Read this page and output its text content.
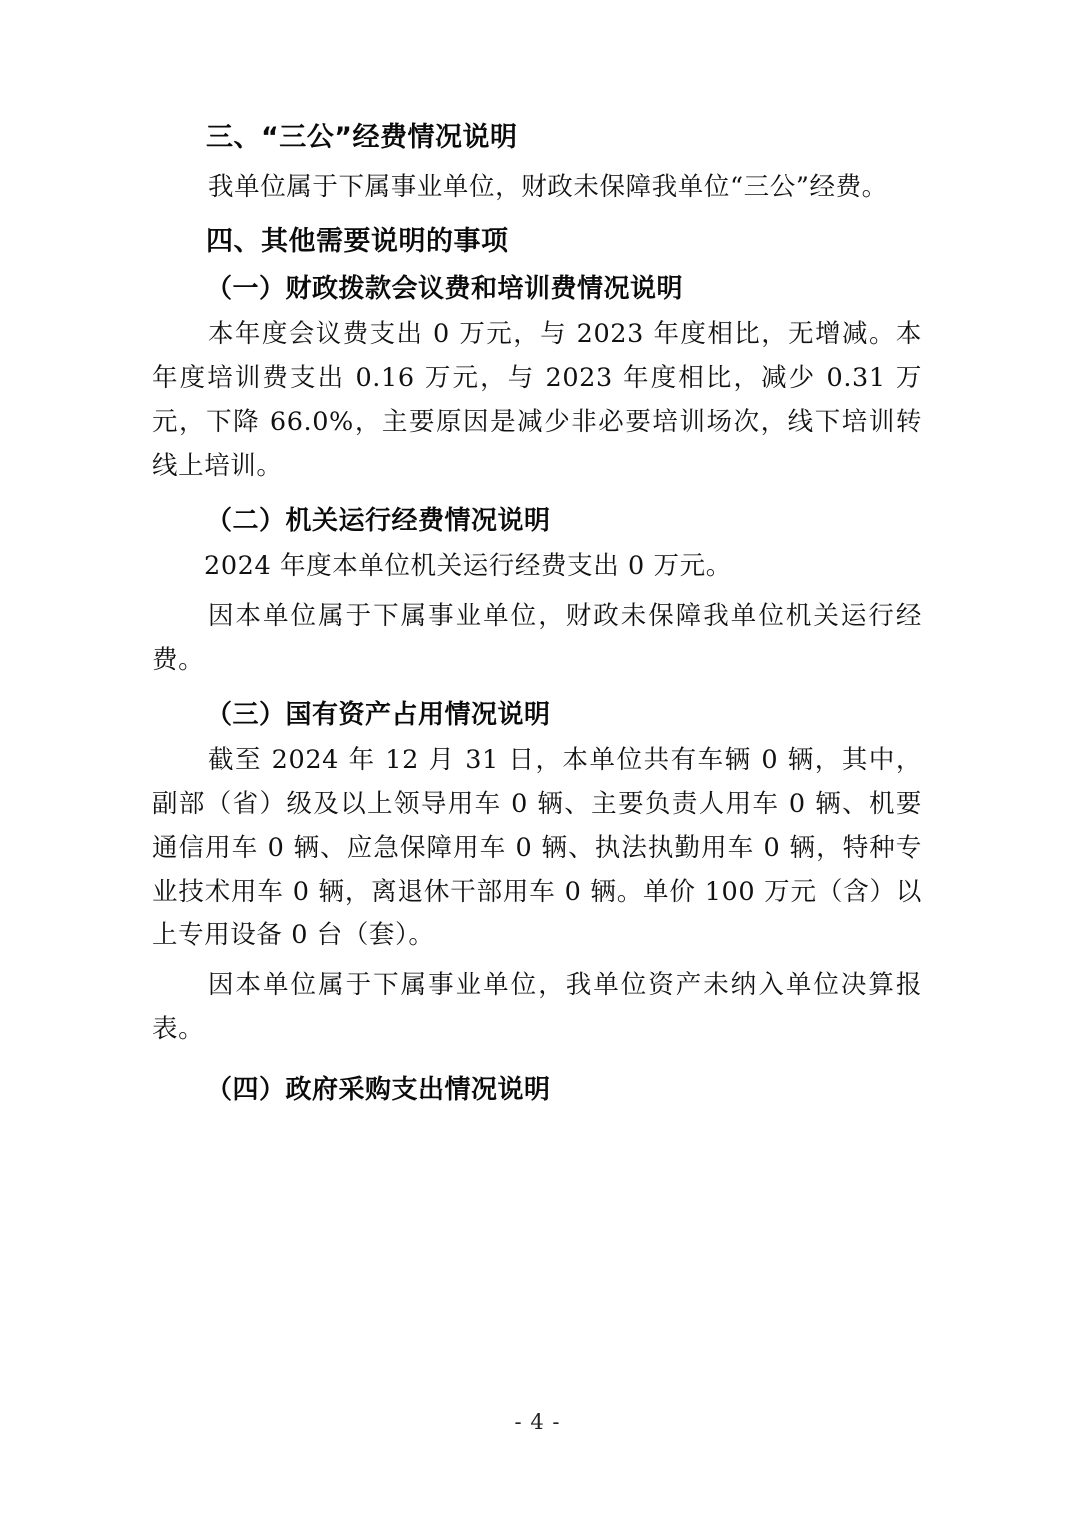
三、“三公”经费情况说明

我单位属于下属事业单位，财政未保障我单位“三公”经费。

四、其他需要说明的事项
（一）财政拨款会议费和培训费情况说明

本年度会议费支出 0 万元，与 2023 年度相比，无增减。本年度培训费支出 0.16 万元，与 2023 年度相比，减少 0.31 万元，下降 66.0%，主要原因是减少非必要培训场次，线下培训转线上培训。

（二）机关运行经费情况说明

2024 年度本单位机关运行经费支出 0 万元。

因本单位属于下属事业单位，财政未保障我单位机关运行经费。

（三）国有资产占用情况说明

截至 2024 年 12 月 31 日，本单位共有车辆 0 辆，其中，副部（省）级及以上领导用车 0 辆、主要负责人用车 0 辆、机要通信用车 0 辆、应急保障用车 0 辆、执法执勤用车 0 辆，特种专业技术用车 0 辆，离退休干部用车 0 辆。单价 100 万元（含）以上专用设备 0 台（套）。

因本单位属于下属事业单位，我单位资产未纳入单位决算报表。

（四）政府采购支出情况说明
- 4 -
